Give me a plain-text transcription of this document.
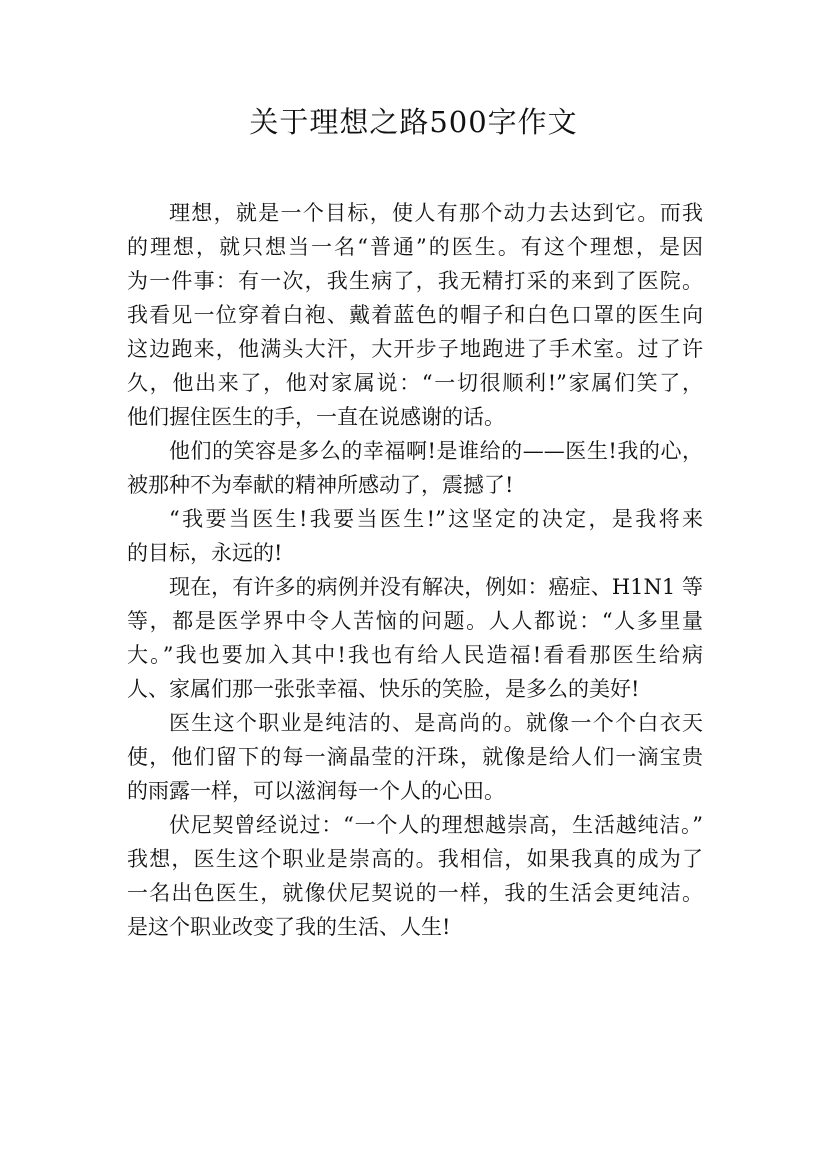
关于理想之路500字作文
理想，就是一个目标，使人有那个动力去达到它。而我
的理想，就只想当一名“普通”的医生。有这个理想，是因
为一件事：有一次，我生病了，我无精打采的来到了医院。
我看见一位穿着白袍、戴着蓝色的帽子和白色口罩的医生向
这边跑来，他满头大汗，大开步子地跑进了手术室。过了许
久，他出来了，他对家属说：“一切很顺利!”家属们笑了，
他们握住医生的手，一直在说感谢的话。
他们的笑容是多么的幸福啊!是谁给的——医生!我的心，
被那种不为奉献的精神所感动了，震撼了!
“我要当医生!我要当医生!”这坚定的决定，是我将来
的目标，永远的!
现在，有许多的病例并没有解决，例如：癌症、H1N1 等
等，都是医学界中令人苦恼的问题。人人都说：“人多里量
大。”我也要加入其中!我也有给人民造福!看看那医生给病
人、家属们那一张张幸福、快乐的笑脸，是多么的美好!
医生这个职业是纯洁的、是高尚的。就像一个个白衣天
使，他们留下的每一滴晶莹的汗珠，就像是给人们一滴宝贵
的雨露一样，可以滋润每一个人的心田。
伏尼契曾经说过：“一个人的理想越崇高，生活越纯洁。”
我想，医生这个职业是崇高的。我相信，如果我真的成为了
一名出色医生，就像伏尼契说的一样，我的生活会更纯洁。
是这个职业改变了我的生活、人生!
